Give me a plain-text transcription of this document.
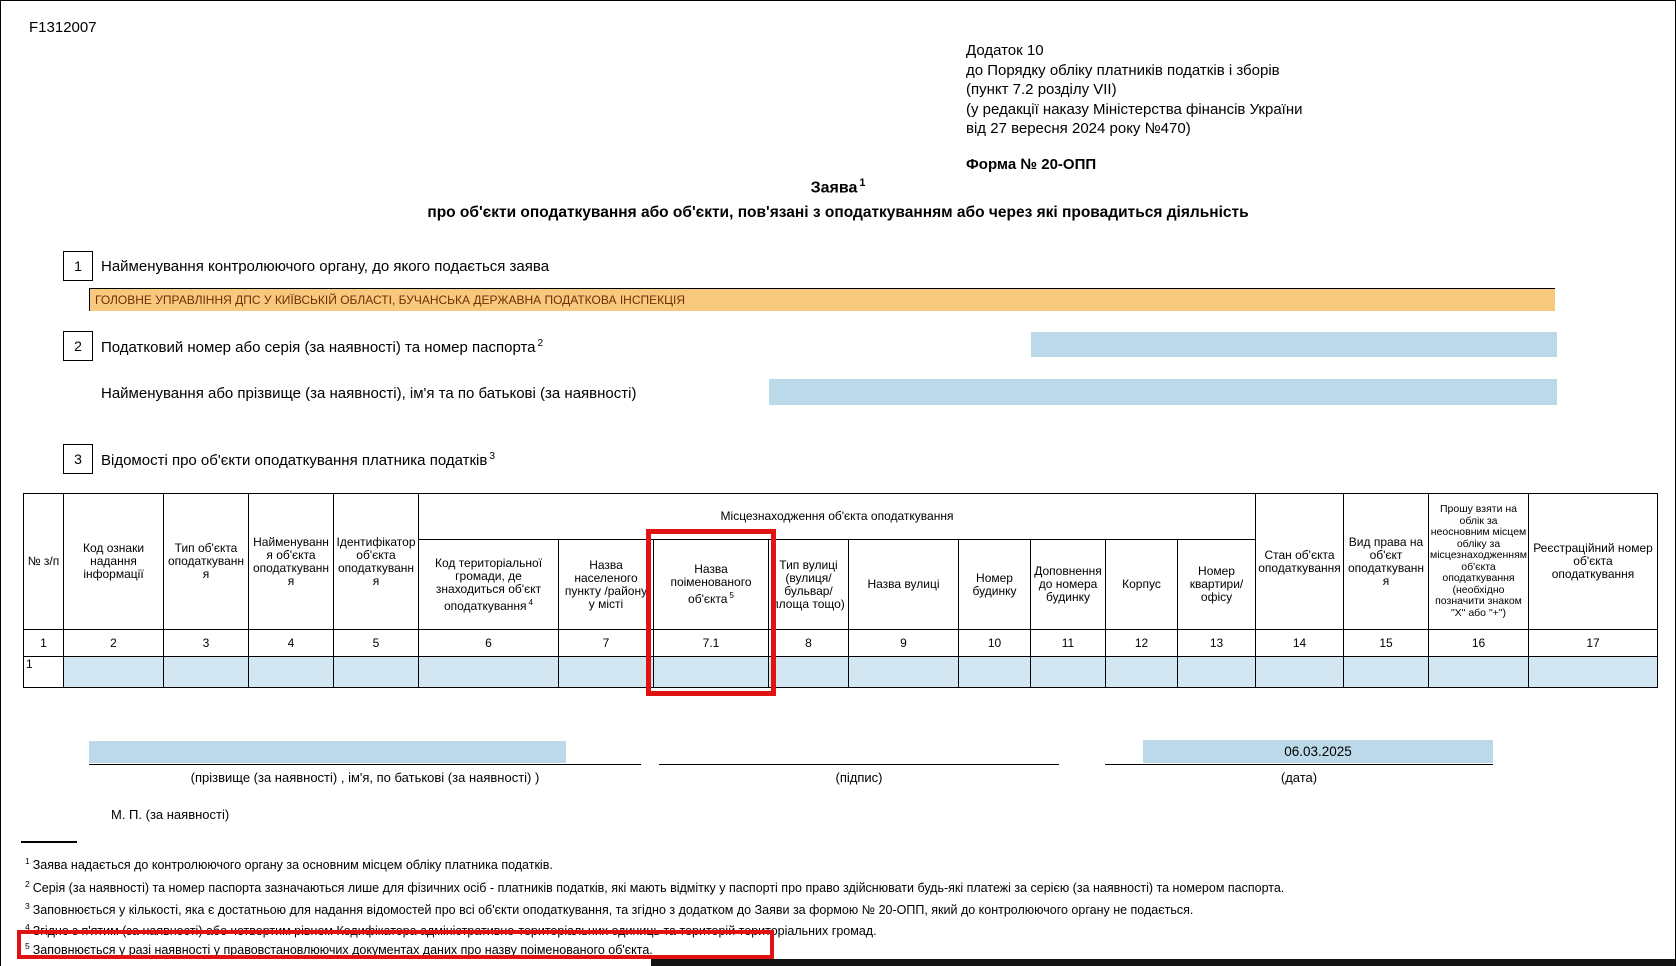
F1312007
Додаток 10
до Порядку обліку платників податків і зборів
(пункт 7.2 розділу VII)
(у редакції наказу Міністерства фінансів України
від 27 вересня 2024 року №470)
Форма № 20-ОПП
Заява $^1$
про об'єкти оподаткування або об'єкти, пов'язані з оподаткуванням або через які провадиться діяльність
1	Найменування контролюючого органу, до якого подається заява
ГОЛОВНЕ УПРАВЛІННЯ ДПС У КИЇВСЬКІЙ ОБЛАСТІ, БУЧАНСЬКА ДЕРЖАВНА ПОДАТКОВА ІНСПЕКЦІЯ
2	Податковий номер або серія (за наявності) та номер паспорта $^2$
Найменування або прізвище (за наявності), ім'я та по батькові (за наявності)
3	Відомості про об'єкти оподаткування платника податків $^3$
№ з/п	Код ознаки надання інформації	Тип об'єкта оподаткування	Найменування об'єкта оподаткування	Ідентифікатор об'єкта оподаткування	Місцезнаходження об'єкта оподаткування									Стан об'єкта оподаткування	Вид права на об'єкт оподаткування	Прошу взяти на облік за неосновним місцем обліку за місцезнаходженням об'єкта оподаткування (необхідно позначити знаком "X" або "+")	Реєстраційний номер об'єкта оподаткування
					Код територіальної громади, де знаходиться об'єкт оподаткування $^4$	Назва населеного пункту /району у місті	Назва поіменованого об'єкта $^5$	Тип вулиці (вулиця/ бульвар/ площа тощо)	Назва вулиці	Номер будинку	Доповнення до номера будинку	Корпус	Номер квартири/ офісу				
1	2	3	4	5	6	7	7.1	8	9	10	11	12	13	14	15	16	17
1																	
(прізвище (за наявності) , ім'я, по батькові (за наявності) )	(підпис)
06.03.2025
(дата)
М. П. (за наявності)
$^1$ Заява надається до контролюючого органу за основним місцем обліку платника податків.
$^2$ Серія (за наявності) та номер паспорта зазначаються лише для фізичних осіб - платників податків, які мають відмітку у паспорті про право здійснювати будь-які платежі за серією (за наявності) та номером паспорта.
$^3$ Заповнюється у кількості, яка є достатньою для надання відомостей про всі об'єкти оподаткування, та згідно з додатком до Заяви за формою № 20-ОПП, який до контролюючого органу не подається.
$^4$ Згідно з п'ятим (за наявності) або четвертим рівнем Кодифікатора адміністративно-територіальних одиниць та територій територіальних громад.
$^5$ Заповнюється у разі наявності у правовстановлюючих документах даних про назву поіменованого об'єкта.
